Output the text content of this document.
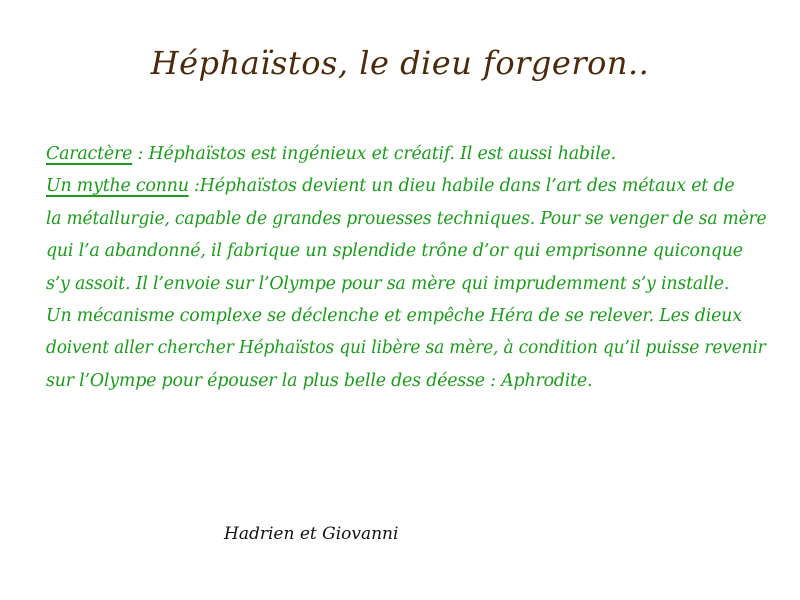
Héphaïstos, le dieu forgeron..
Caractère : Héphaïstos est ingénieux et créatif. Il est aussi habile.
Un mythe connu :Héphaïstos devient un dieu habile dans l’art des métaux et de
la métallurgie, capable de grandes prouesses techniques. Pour se venger de sa mère
qui l’a abandonné, il fabrique un splendide trône d’or qui emprisonne quiconque
s’y assoit. Il l’envoie sur l’Olympe pour sa mère qui imprudemment s’y installe.
Un mécanisme complexe se déclenche et empêche Héra de se relever. Les dieux
doivent aller chercher Héphaïstos qui libère sa mère, à condition qu’il puisse revenir
sur l’Olympe pour épouser la plus belle des déesse : Aphrodite.
Hadrien et Giovanni
